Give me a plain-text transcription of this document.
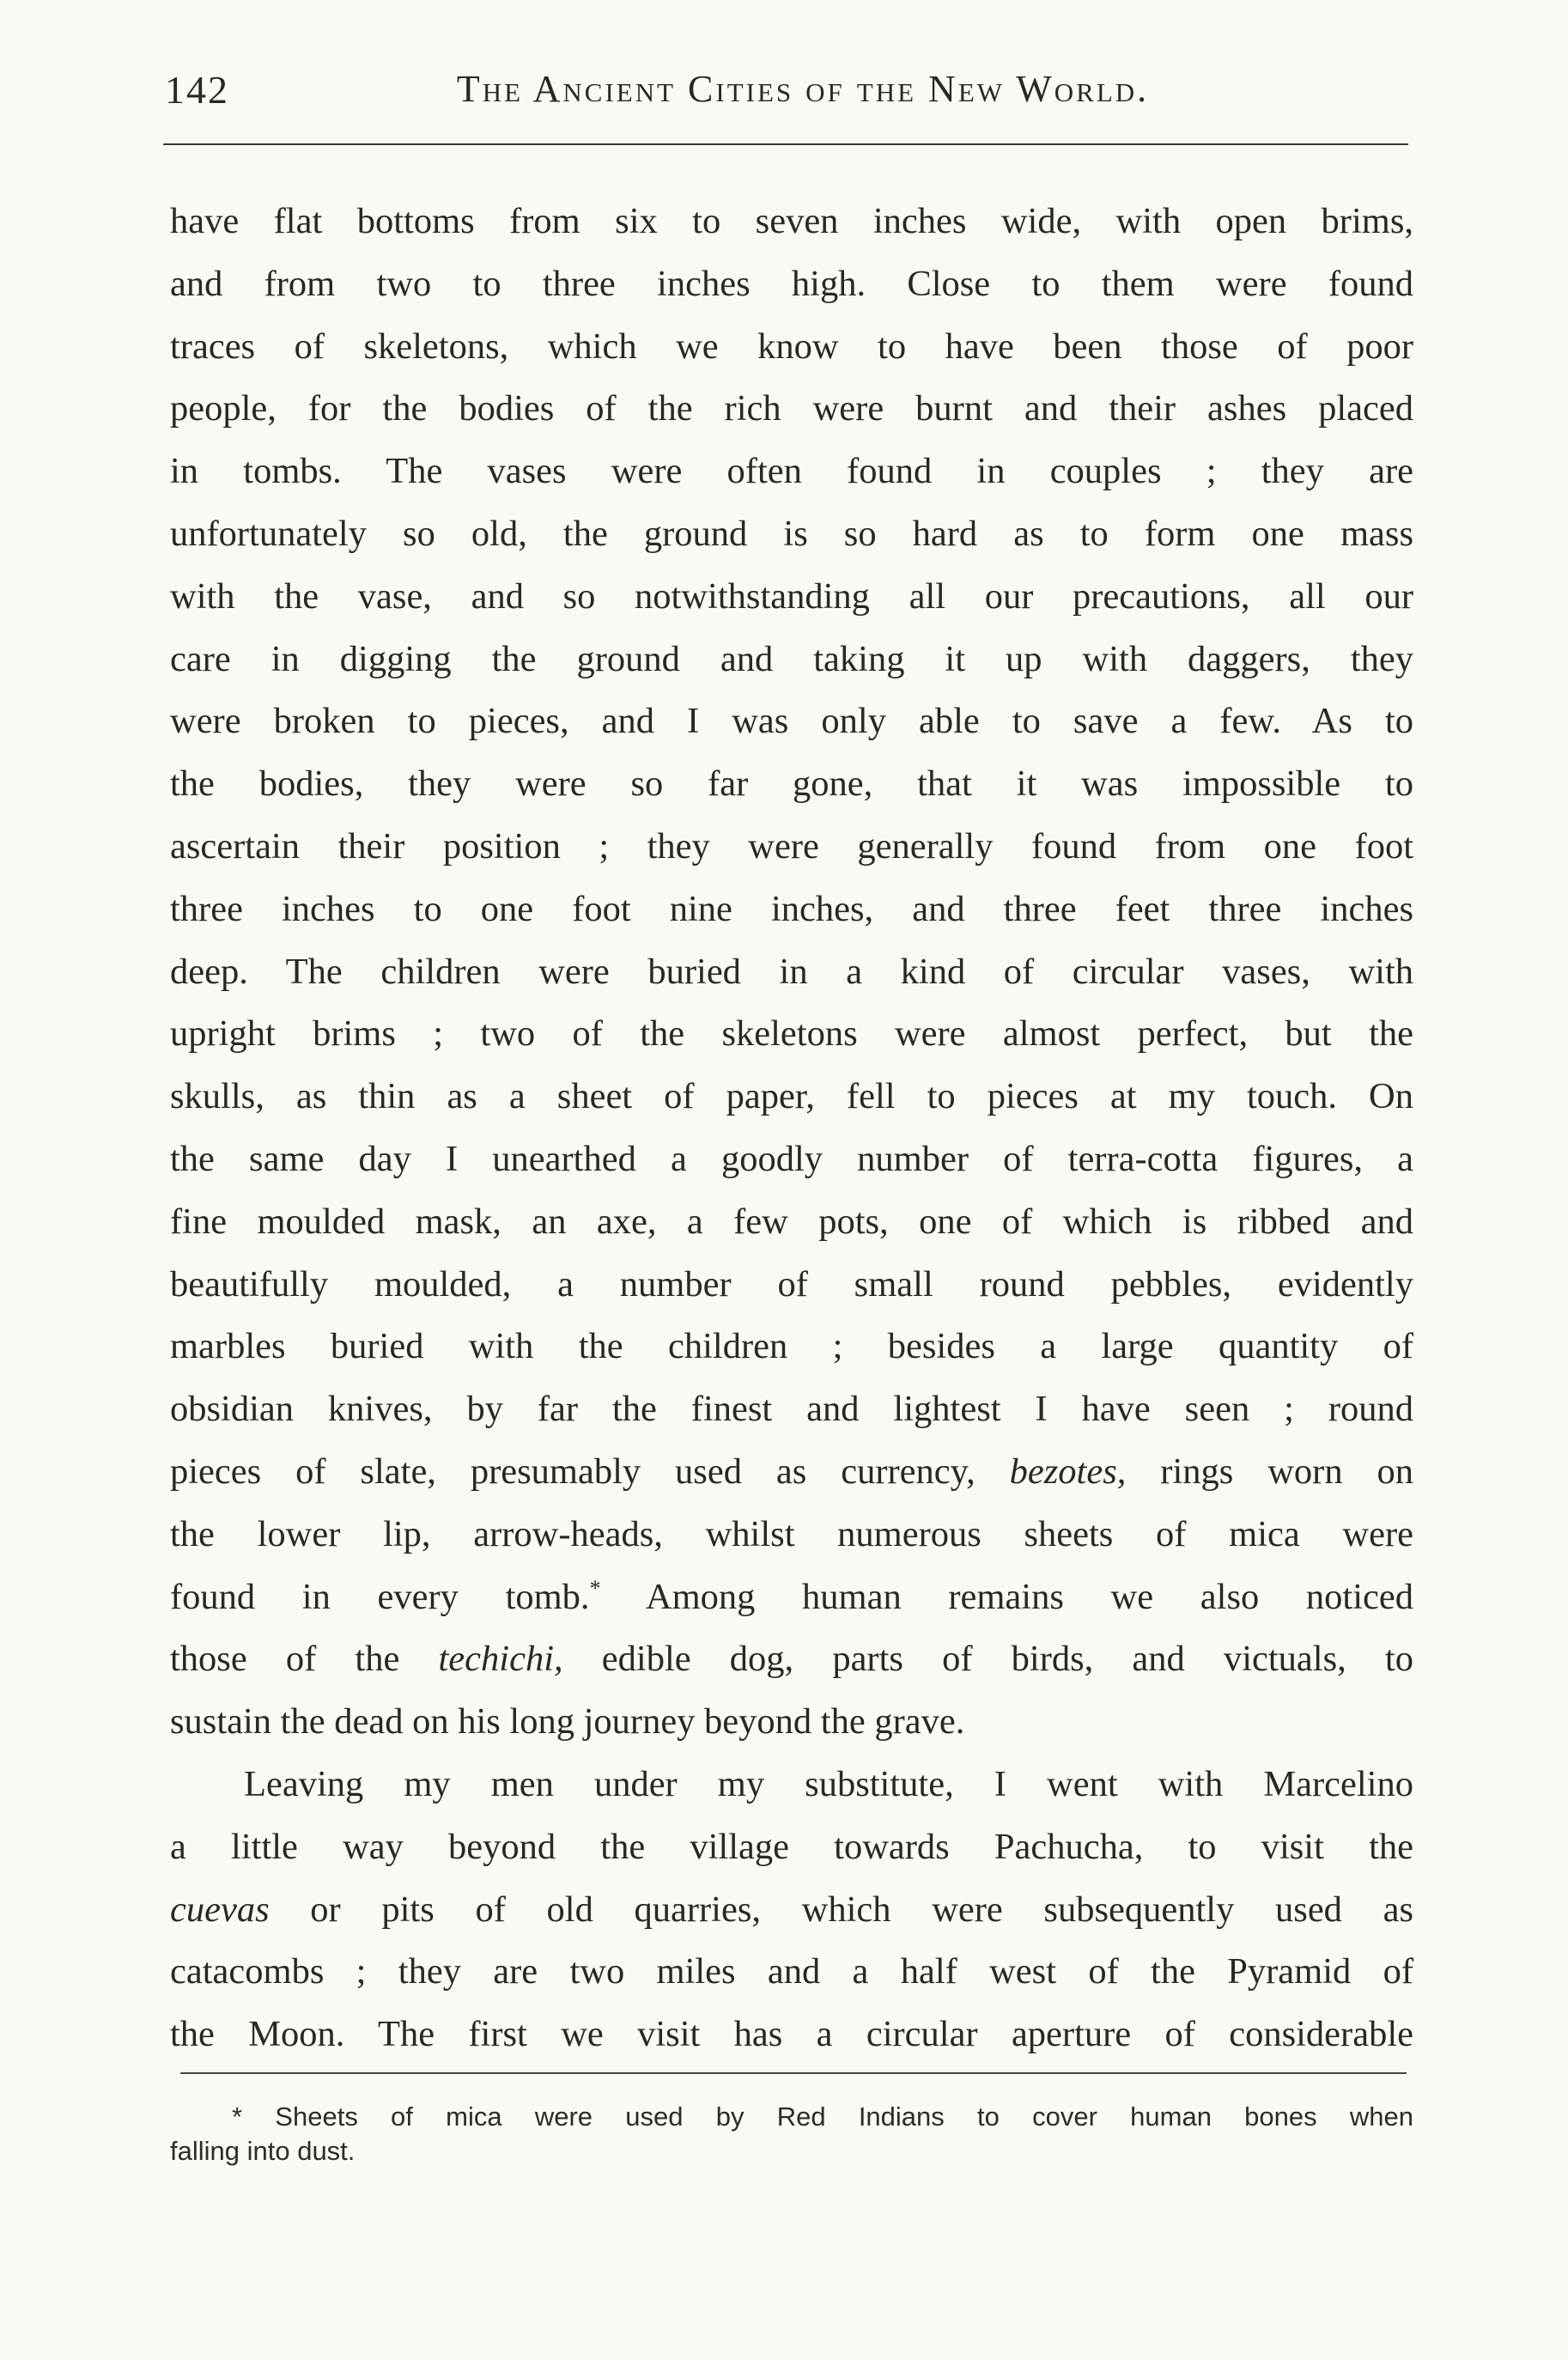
142	The Ancient Cities of the New World.
have flat bottoms from six to seven inches wide, with open brims,
and from two to three inches high. Close to them were found
traces of skeletons, which we know to have been those of poor
people, for the bodies of the rich were burnt and their ashes placed
in tombs. The vases were often found in couples ; they are
unfortunately so old, the ground is so hard as to form one mass
with the vase, and so notwithstanding all our precautions, all our
care in digging the ground and taking it up with daggers, they
were broken to pieces, and I was only able to save a few. As to
the bodies, they were so far gone, that it was impossible to
ascertain their position ; they were generally found from one foot
three inches to one foot nine inches, and three feet three inches
deep. The children were buried in a kind of circular vases, with
upright brims ; two of the skeletons were almost perfect, but the
skulls, as thin as a sheet of paper, fell to pieces at my touch. On
the same day I unearthed a goodly number of terra-cotta figures, a
fine moulded mask, an axe, a few pots, one of which is ribbed and
beautifully moulded, a number of small round pebbles, evidently
marbles buried with the children ; besides a large quantity of
obsidian knives, by far the finest and lightest I have seen ; round
pieces of slate, presumably used as currency, bezotes, rings worn on
the lower lip, arrow-heads, whilst numerous sheets of mica were
found in every tomb.* Among human remains we also noticed
those of the techichi, edible dog, parts of birds, and victuals, to
sustain the dead on his long journey beyond the grave.
Leaving my men under my substitute, I went with Marcelino
a little way beyond the village towards Pachucha, to visit the
cuevas or pits of old quarries, which were subsequently used as
catacombs ; they are two miles and a half west of the Pyramid of
the Moon. The first we visit has a circular aperture of considerable
* Sheets of mica were used by Red Indians to cover human bones when
falling into dust.
